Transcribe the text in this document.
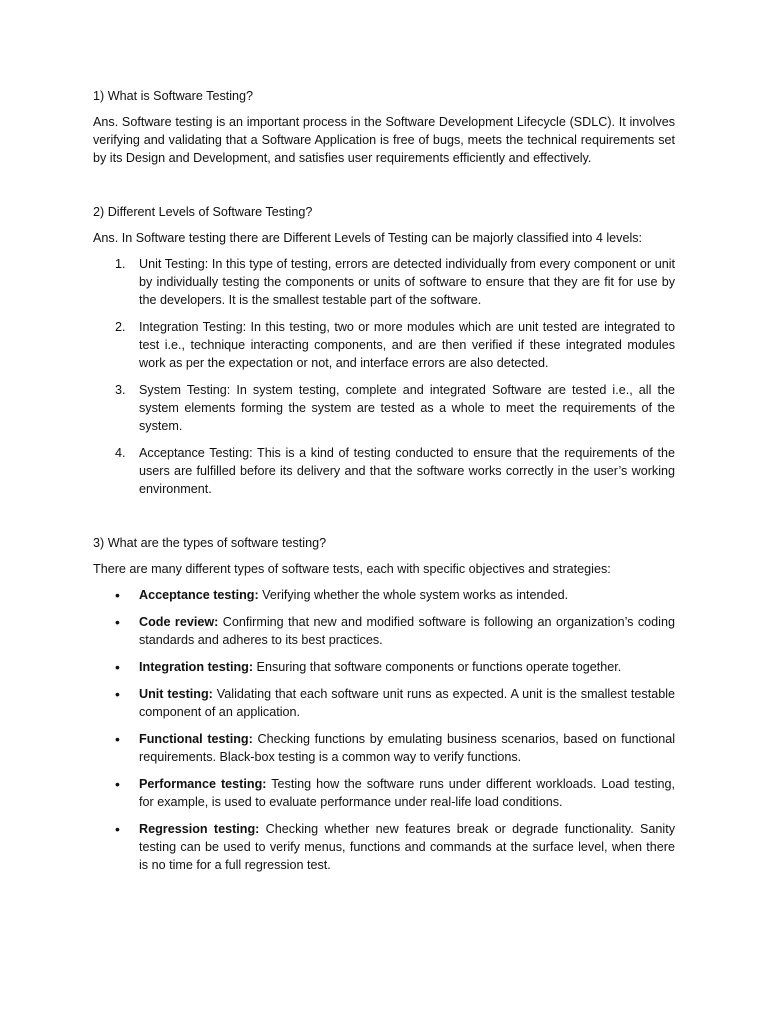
1) What is Software Testing?

Ans. Software testing is an important process in the Software Development Lifecycle (SDLC). It involves verifying and validating that a Software Application is free of bugs, meets the technical requirements set by its Design and Development, and satisfies user requirements efficiently and effectively.

2) Different Levels of Software Testing?

Ans. In Software testing there are Different Levels of Testing can be majorly classified into 4 levels:

1. Unit Testing: In this type of testing, errors are detected individually from every component or unit by individually testing the components or units of software to ensure that they are fit for use by the developers. It is the smallest testable part of the software.
2. Integration Testing: In this testing, two or more modules which are unit tested are integrated to test i.e., technique interacting components, and are then verified if these integrated modules work as per the expectation or not, and interface errors are also detected.
3. System Testing: In system testing, complete and integrated Software are tested i.e., all the system elements forming the system are tested as a whole to meet the requirements of the system.
4. Acceptance Testing: This is a kind of testing conducted to ensure that the requirements of the users are fulfilled before its delivery and that the software works correctly in the user’s working environment.

3) What are the types of software testing?

There are many different types of software tests, each with specific objectives and strategies:

• Acceptance testing: Verifying whether the whole system works as intended.
• Code review: Confirming that new and modified software is following an organization’s coding standards and adheres to its best practices.
• Integration testing: Ensuring that software components or functions operate together.
• Unit testing: Validating that each software unit runs as expected. A unit is the smallest testable component of an application.
• Functional testing: Checking functions by emulating business scenarios, based on functional requirements. Black-box testing is a common way to verify functions.
• Performance testing: Testing how the software runs under different workloads. Load testing, for example, is used to evaluate performance under real-life load conditions.
• Regression testing: Checking whether new features break or degrade functionality. Sanity testing can be used to verify menus, functions and commands at the surface level, when there is no time for a full regression test.
